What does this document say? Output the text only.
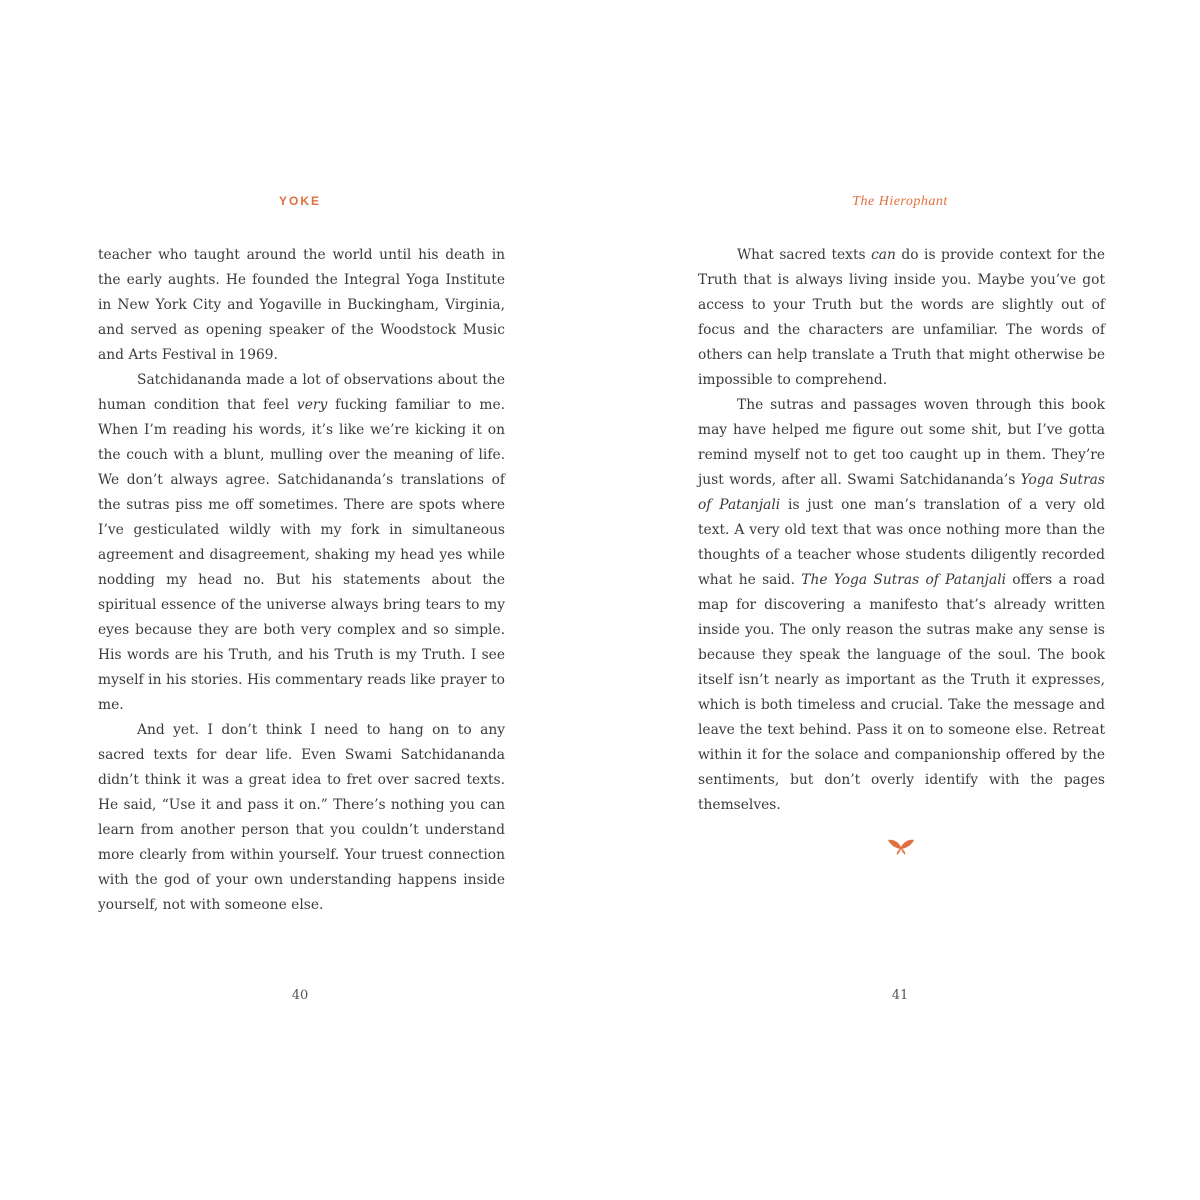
YOKE

teacher who taught around the world until his death in the early aughts. He founded the Integral Yoga Institute in New York City and Yogaville in Buckingham, Virginia, and served as opening speaker of the Woodstock Music and Arts Festival in 1969.

Satchidananda made a lot of observations about the human condition that feel very fucking familiar to me. When I’m reading his words, it’s like we’re kicking it on the couch with a blunt, mulling over the meaning of life. We don’t always agree. Satchidananda’s translations of the sutras piss me off sometimes. There are spots where I’ve gesticulated wildly with my fork in simultaneous agreement and disagreement, shaking my head yes while nodding my head no. But his statements about the spiritual essence of the universe always bring tears to my eyes because they are both very complex and so simple. His words are his Truth, and his Truth is my Truth. I see myself in his stories. His commentary reads like prayer to me.

And yet. I don’t think I need to hang on to any sacred texts for dear life. Even Swami Satchidananda didn’t think it was a great idea to fret over sacred texts. He said, “Use it and pass it on.” There’s nothing you can learn from another person that you couldn’t understand more clearly from within yourself. Your truest connection with the god of your own understanding happens inside yourself, not with someone else.

40
The Hierophant

What sacred texts can do is provide context for the Truth that is always living inside you. Maybe you’ve got access to your Truth but the words are slightly out of focus and the characters are unfamiliar. The words of others can help translate a Truth that might otherwise be impossible to comprehend.

The sutras and passages woven through this book may have helped me figure out some shit, but I’ve gotta remind myself not to get too caught up in them. They’re just words, after all. Swami Satchidananda’s Yoga Sutras of Patanjali is just one man’s translation of a very old text. A very old text that was once nothing more than the thoughts of a teacher whose students diligently recorded what he said. The Yoga Sutras of Patanjali offers a road map for discovering a manifesto that’s already written inside you. The only reason the sutras make any sense is because they speak the language of the soul. The book itself isn’t nearly as important as the Truth it expresses, which is both timeless and crucial. Take the message and leave the text behind. Pass it on to someone else. Retreat within it for the solace and companionship offered by the sentiments, but don’t overly identify with the pages themselves.

41
